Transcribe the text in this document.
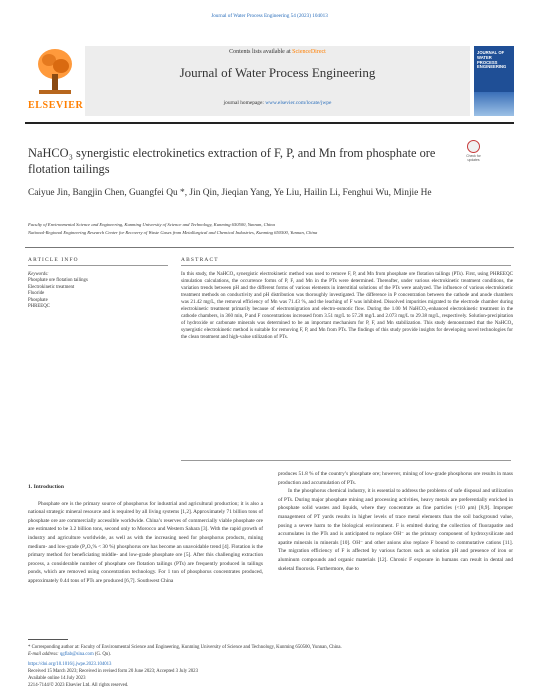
Journal of Water Process Engineering 54 (2023) 104013
ELSEVIER
Contents lists available at ScienceDirect
Journal of Water Process Engineering
journal homepage: www.elsevier.com/locate/jwpe
JOURNAL OF WATER PROCESS ENGINEERING
Check for updates
NaHCO₃ synergistic electrokinetics extraction of F, P, and Mn from phosphate ore flotation tailings
Caiyue Jin, Bangjin Chen, Guangfei Qu *, Jin Qin, Jieqian Yang, Ye Liu, Hailin Li, Fenghui Wu, Minjie He
Faculty of Environmental Science and Engineering, Kunming University of Science and Technology, Kunming 650500, Yunnan, China
National-Regional Engineering Research Center for Recovery of Waste Gases from Metallurgical and Chemical Industries, Kunming 650500, Yunnan, China
ARTICLE INFO	ABSTRACT
Keywords:
Phosphate ore flotation tailings
Electrokinetic treatment
Fluoride
Phosphate
PHREEQC
In this study, the NaHCO₃ synergistic electrokinetic method was used to remove F, P, and Mn from phosphate ore flotation tailings (PTs). First, using PHREEQC simulation calculations, the occurrence forms of P, F, and Mn in the PTs were determined. Thereafter, under various electrokinetic treatment conditions, the variation trends between pH and the different forms of various elements in interstitial solutions of the PTs were analyzed. The influence of various electrokinetic treatment methods on conductivity and pH distribution was thoroughly investigated. The difference in P concentration between the cathode and anode chambers was 21.42 mg/L, the removal efficiency of Mn was 71.43 %, and the leaching of F was inhibited. Dissolved impurities migrated to the electrode chamber during electrokinetic treatment primarily because of electromigration and electro-osmotic flow. During the 1.00 M NaHCO₃-enhanced electrokinetic treatment in the cathode chambers, in 360 min, P and F concentrations increased from 3.51 mg/L to 57.28 mg/L and 2.073 mg/L to 29.38 mg/L, respectively. Solution-precipitation of hydroxide or carbonate minerals was determined to be an important mechanism for P, F, and Mn stabilization. This study demonstrated that the NaHCO₃ synergistic electrokinetic method is suitable for removing F, P, and Mn from PTs. The findings of this study provide insights for developing novel technologies for the clean treatment and high-value utilization of PTs.
1. Introduction
Phosphate ore is the primary source of phosphorus for industrial and agricultural production; it is also a national strategic mineral resource and is required by all living systems [1,2]. Approximately 71 billion tons of phosphate ore are commercially accessible worldwide. China’s reserves of commercially viable phosphate ore are estimated to be 3.2 billion tons, second only to Morocco and Western Sahara [3]. With the rapid growth of industry and agriculture worldwide, as well as with the increasing need for phosphorus products, mining medium- and low-grade (P₂O₅% < 30 %) phosphorus ore has become an unavoidable trend [4]. Flotation is the primary method for beneficiating middle- and low-grade phosphate ore [5]. After this challenging extraction process, a considerable number of phosphate ore flotation tailings (PTs) are frequently produced in tailings ponds, which are removed using concentration technology. For 1 ton of phosphorus concentrates produced, approximately 0.44 tons of PTs are produced [6,7]. Southwest China
produces 51.8 % of the country’s phosphate ore; however, mining of low-grade phosphorus ore results in mass production and accumulation of PTs.
In the phosphorus chemical industry, it is essential to address the problems of safe disposal and utilization of PTs. During major phosphate mining and processing activities, heavy metals are preferentially enriched in phosphate solid wastes and liquids, where they concentrate as fine particles (<10 μm) [8,9]. Improper management of PT yards results in higher levels of trace metal elements than the soil background value, posing a severe harm to the biological environment. F is emitted during the collection of fluorapatite and accumulates in the PTs and is anticipated to replace OH⁻ as the primary component of hydroxysilicate and apatite minerals in minerals [10]. OH⁻ and other anions also replace F bound to commutative cations [11]. The migration efficiency of F is affected by various factors such as solution pH and presence of iron or aluminum compounds and organic materials [12]. Chronic F exposure in humans can result in dental and skeletal fluorosis. Furthermore, due to
* Corresponding author at: Faculty of Environmental Science and Engineering, Kunming University of Science and Technology, Kunming 650500, Yunnan, China.
E-mail address: qgflab@sina.com (G. Qu).
https://doi.org/10.1016/j.jwpe.2023.104013
Received 15 March 2023; Received in revised form 20 June 2023; Accepted 3 July 2023
Available online 14 July 2023
2214-7144/© 2023 Elsevier Ltd. All rights reserved.
